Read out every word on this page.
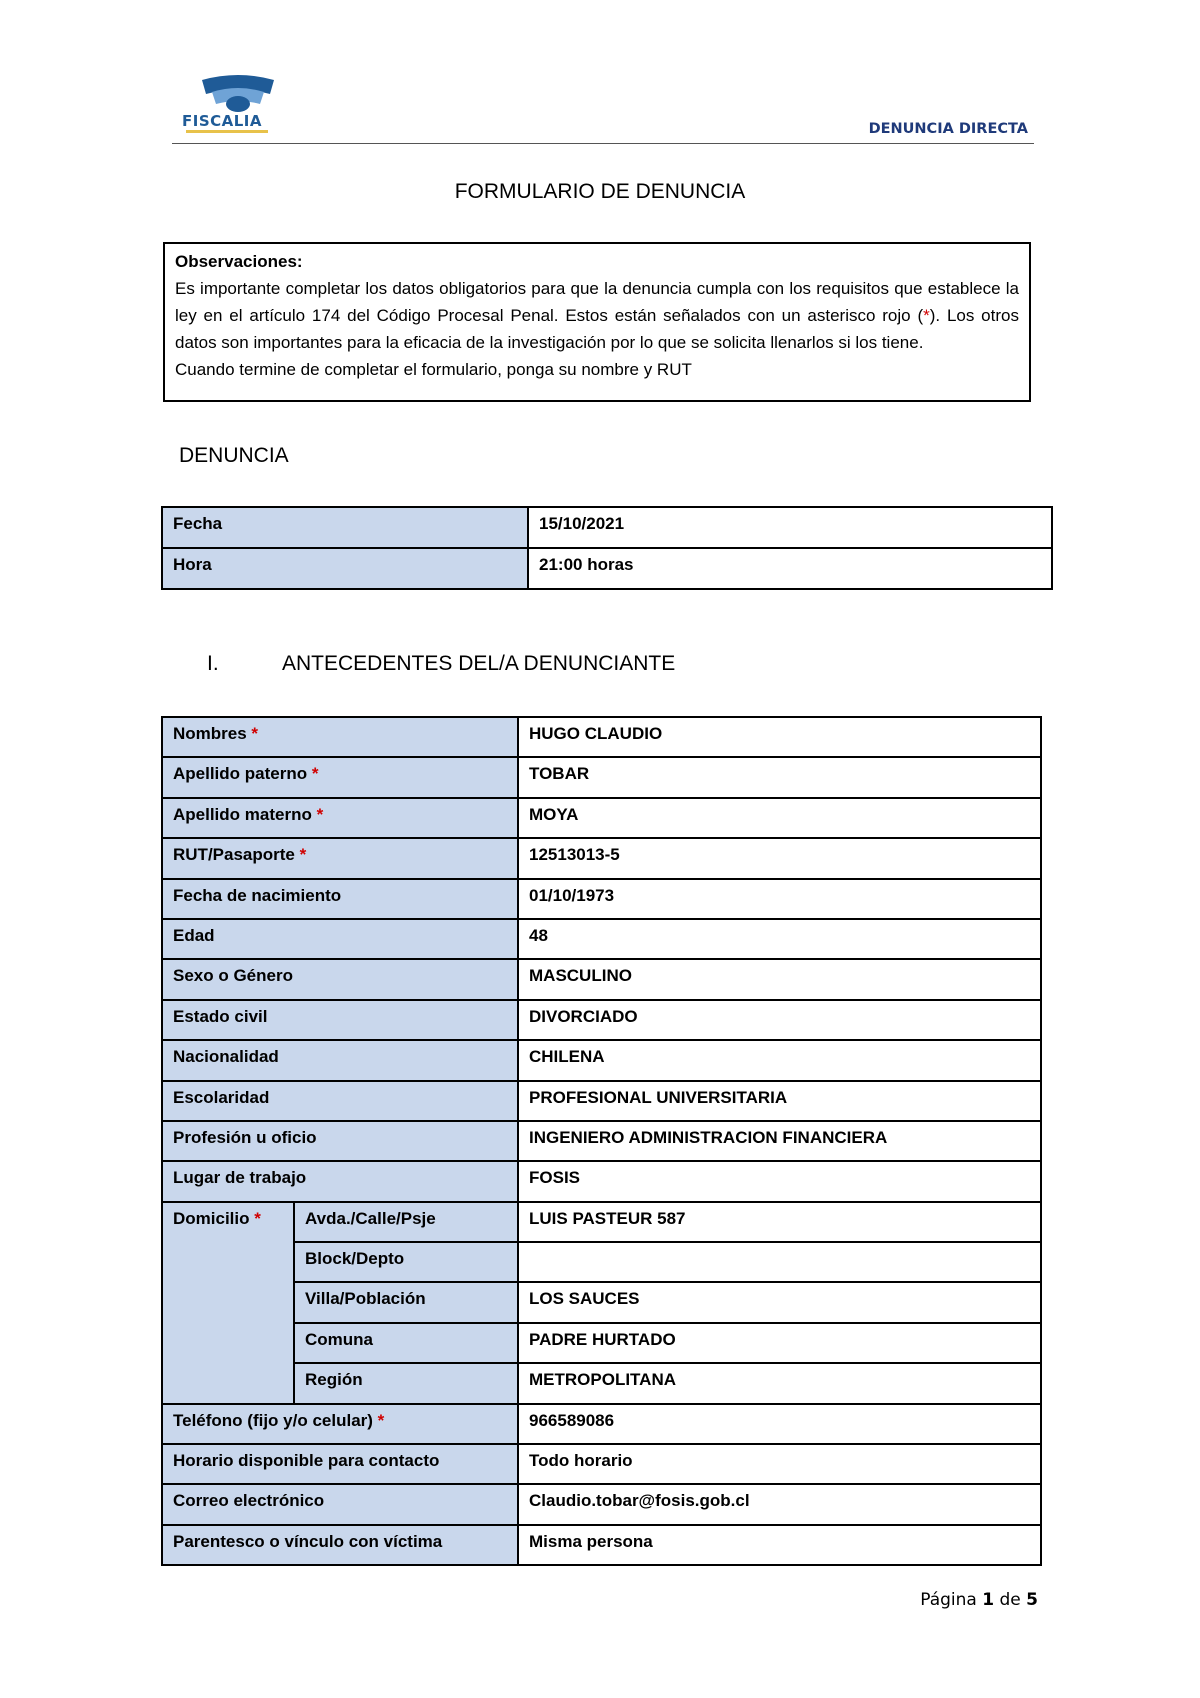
FISCALIA	DENUNCIA DIRECTA
FORMULARIO DE DENUNCIA
Observaciones:
Es importante completar los datos obligatorios para que la denuncia cumpla con los requisitos que establece la ley en el artículo 174 del Código Procesal Penal. Estos están señalados con un asterisco rojo (*). Los otros datos son importantes para la eficacia de la investigación por lo que se solicita llenarlos si los tiene.
Cuando termine de completar el formulario, ponga su nombre y RUT
DENUNCIA
Fecha	15/10/2021
Hora	21:00 horas
I.	ANTECEDENTES DEL/A DENUNCIANTE
Nombres *		HUGO CLAUDIO
Apellido paterno *		TOBAR
Apellido materno *		MOYA
RUT/Pasaporte *		12513013-5
Fecha de nacimiento		01/10/1973
Edad		48
Sexo o Género		MASCULINO
Estado civil		DIVORCIADO
Nacionalidad		CHILENA
Escolaridad		PROFESIONAL UNIVERSITARIA
Profesión u oficio		INGENIERO ADMINISTRACION FINANCIERA
Lugar de trabajo		FOSIS
Domicilio *	Avda./Calle/Psje	LUIS PASTEUR 587
	Block/Depto	
	Villa/Población	LOS SAUCES
	Comuna	PADRE HURTADO
	Región	METROPOLITANA
Teléfono (fijo y/o celular) *		966589086
Horario disponible para contacto		Todo horario
Correo electrónico		Claudio.tobar@fosis.gob.cl
Parentesco o vínculo con víctima		Misma persona
Página 1 de 5
